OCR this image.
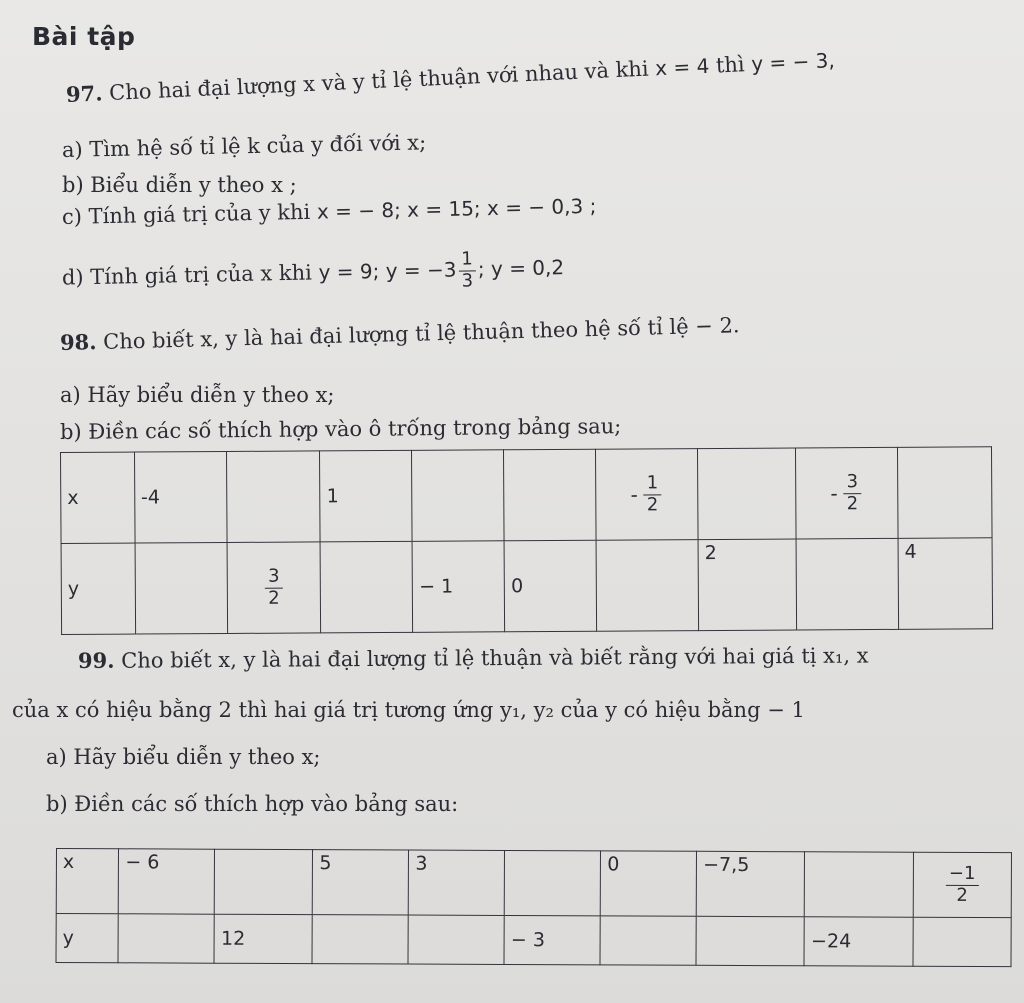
Bài tập
97. Cho hai đại lượng x và y tỉ lệ thuận với nhau và khi x = 4 thì y = − 3,
a) Tìm hệ số tỉ lệ k của y đối với x;
b) Biểu diễn y theo x ;
c) Tính giá trị của y khi x = − 8; x = 15; x = − 0,3 ;
d) Tính giá trị của x khi y = 9; $y = -3 \frac{1}{3}$ ; y = 0,2
98. Cho biết x, y là hai đại lượng tỉ lệ thuận theo hệ số tỉ lệ − 2.
a) Hãy biểu diễn y theo x;
b) Điền các số thích hợp vào ô trống trong bảng sau;
x	-4		1			- $\frac{1}{2}$		- $\frac{3}{2}$

y		$\frac{3}{2}$		− 1	0		2		4
99. Cho biết x, y là hai đại lượng tỉ lệ thuận và biết rằng với hai giá tị x₁, x
của x có hiệu bằng 2 thì hai giá trị tương ứng y₁, y₂ của y có hiệu bằng − 1
a) Hãy biểu diễn y theo x;
b) Điền các số thích hợp vào bảng sau:
x	− 6		5	3		0	−7,5		$\frac{-1}{2}$

y		12			− 3			−24	
